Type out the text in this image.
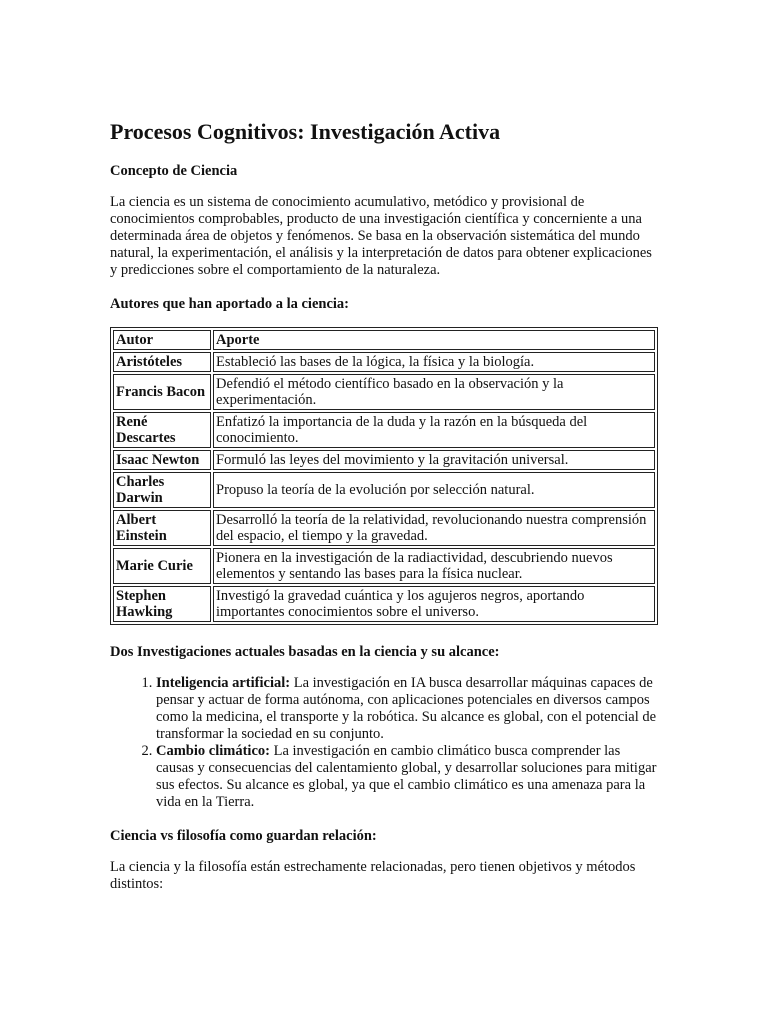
Procesos Cognitivos: Investigación Activa
Concepto de Ciencia

La ciencia es un sistema de conocimiento acumulativo, metódico y provisional de conocimientos comprobables, producto de una investigación científica y concerniente a una determinada área de objetos y fenómenos. Se basa en la observación sistemática del mundo natural, la experimentación, el análisis y la interpretación de datos para obtener explicaciones y predicciones sobre el comportamiento de la naturaleza.

Autores que han aportado a la ciencia:
Autor	Aporte
Aristóteles	Estableció las bases de la lógica, la física y la biología.
Francis Bacon	Defendió el método científico basado en la observación y la experimentación.
René Descartes	Enfatizó la importancia de la duda y la razón en la búsqueda del conocimiento.
Isaac Newton	Formuló las leyes del movimiento y la gravitación universal.
Charles Darwin	Propuso la teoría de la evolución por selección natural.
Albert Einstein	Desarrolló la teoría de la relatividad, revolucionando nuestra comprensión del espacio, el tiempo y la gravedad.
Marie Curie	Pionera en la investigación de la radiactividad, descubriendo nuevos elementos y sentando las bases para la física nuclear.
Stephen Hawking	Investigó la gravedad cuántica y los agujeros negros, aportando importantes conocimientos sobre el universo.
Dos Investigaciones actuales basadas en la ciencia y su alcance:
1. Inteligencia artificial: La investigación en IA busca desarrollar máquinas capaces de pensar y actuar de forma autónoma, con aplicaciones potenciales en diversos campos como la medicina, el transporte y la robótica. Su alcance es global, con el potencial de transformar la sociedad en su conjunto.
2. Cambio climático: La investigación en cambio climático busca comprender las causas y consecuencias del calentamiento global, y desarrollar soluciones para mitigar sus efectos. Su alcance es global, ya que el cambio climático es una amenaza para la vida en la Tierra.
Ciencia vs filosofía como guardan relación:

La ciencia y la filosofía están estrechamente relacionadas, pero tienen objetivos y métodos distintos:
